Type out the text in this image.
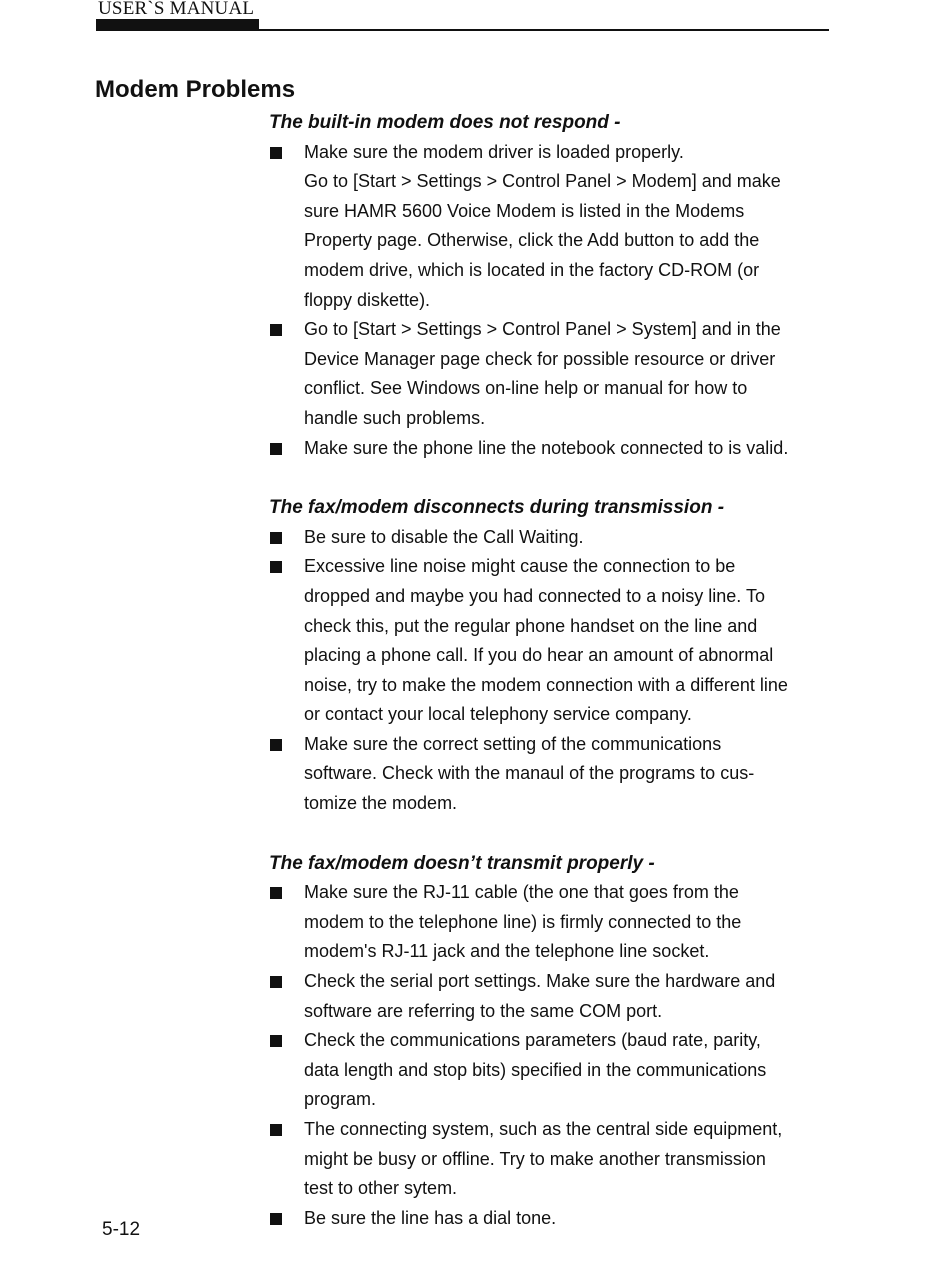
USER`S MANUAL
Modem Problems
The built-in modem does not respond -
Make sure the modem driver is loaded properly.
Go to [Start > Settings > Control Panel > Modem] and make
sure HAMR 5600 Voice Modem is listed in the Modems
Property page. Otherwise, click the Add button to add the
modem drive, which is located in the factory CD-ROM (or
floppy diskette).
Go to [Start > Settings > Control Panel > System] and in the
Device Manager page check for possible resource or driver
conflict. See Windows on-line help or manual for how to
handle such problems.
Make sure the phone line the notebook connected to is valid.
The fax/modem disconnects during transmission -
Be sure to disable the Call Waiting.
Excessive line noise might cause the connection to be
dropped and maybe you had connected to a noisy line. To
check this, put the regular phone handset on the line and
placing a phone call. If you do hear an amount of abnormal
noise, try to make the modem connection with a different line
or contact your local telephony service company.
Make sure the correct setting of the communications
software. Check with the manaul of the programs to cus-
tomize the modem.
The fax/modem doesn’t transmit properly -
Make sure the RJ-11 cable (the one that goes from the
modem to the telephone line) is firmly connected to the
modem's RJ-11 jack and the telephone line socket.
Check the serial port settings. Make sure the hardware and
software are referring to the same COM port.
Check the communications parameters (baud rate, parity,
data length and stop bits) specified in the communications
program.
The connecting system, such as the central side equipment,
might be busy or offline. Try to make another transmission
test to other sytem.
Be sure the line has a dial tone.
5-12
